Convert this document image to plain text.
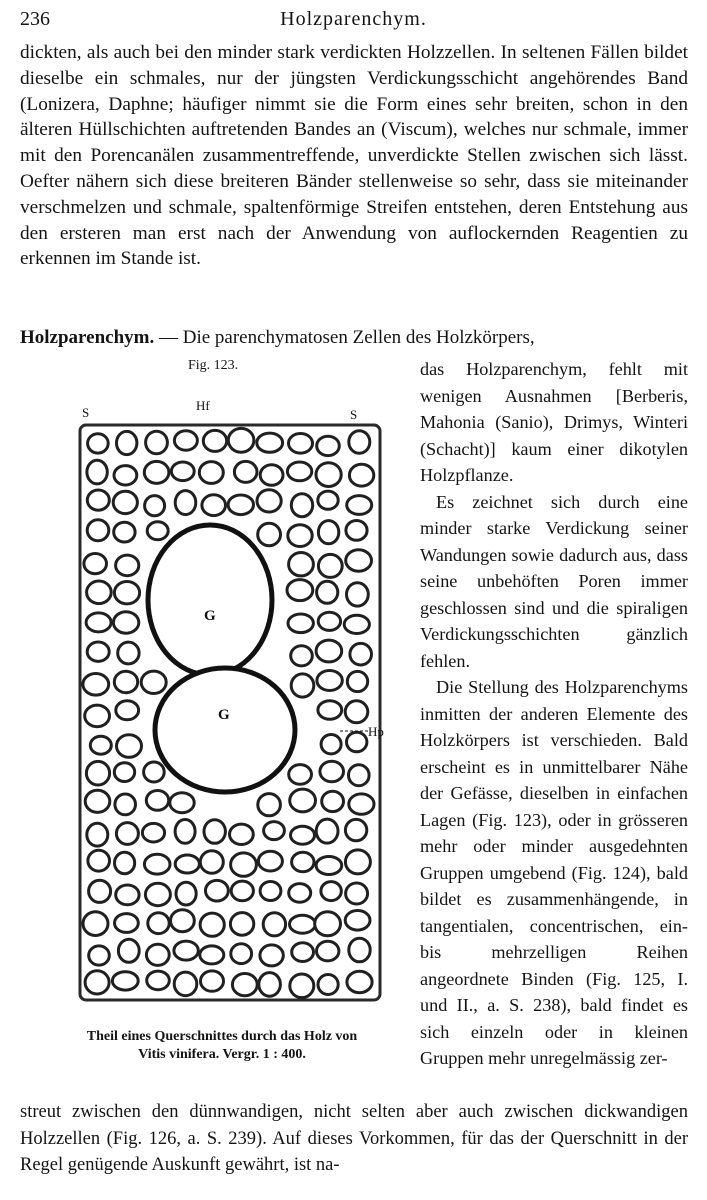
236	Holzparenchym.

dickten, als auch bei den minder stark verdickten Holzzellen. In seltenen Fällen bildet dieselbe ein schmales, nur der jüngsten Verdickungsschicht angehörendes Band (Lonizera, Daphne; häufiger nimmt sie die Form eines sehr breiten, schon in den älteren Hüllschichten auftretenden Bandes an (Viscum), welches nur schmale, immer mit den Porencanälen zusammentreffende, unverdickte Stellen zwischen sich lässt. Oefter nähern sich diese breiteren Bänder stellenweise so sehr, dass sie miteinander verschmelzen und schmale, spaltenförmige Streifen entstehen, deren Entstehung aus den ersteren man erst nach der Anwendung von auflockernden Reagentien zu erkennen im Stande ist.

Holzparenchym. — Die parenchymatosen Zellen des Holzkörpers,

Fig. 123.
S	Hf
S
G
G
Hp

Theil eines Querschnittes durch das Holz von
Vitis vinifera. Vergr. 1 : 400.

das Holzparenchym, fehlt mit wenigen Ausnahmen [Berberis, Mahonia (Sanio), Drimys, Winteri (Schacht)] kaum einer dikotylen Holzpflanze.
Es zeichnet sich durch eine minder starke Verdickung seiner Wandungen sowie dadurch aus, dass seine unbehöften Poren immer geschlossen sind und die spiraligen Verdickungsschichten gänzlich fehlen.
Die Stellung des Holzparenchyms inmitten der anderen Elemente des Holzkörpers ist verschieden. Bald erscheint es in unmittelbarer Nähe der Gefässe, dieselben in einfachen Lagen (Fig. 123), oder in grösseren mehr oder minder ausgedehnten Gruppen umgebend (Fig. 124), bald bildet es zusammenhängende, in tangentialen, concentrischen, ein- bis mehrzelligen Reihen angeordnete Binden (Fig. 125, I. und II., a. S. 238), bald findet es sich einzeln oder in kleinen Gruppen mehr unregelmässig zer-

streut zwischen den dünnwandigen, nicht selten aber auch zwischen dickwandigen Holzzellen (Fig. 126, a. S. 239). Auf dieses Vorkommen, für das der Querschnitt in der Regel genügende Auskunft gewährt, ist na-
